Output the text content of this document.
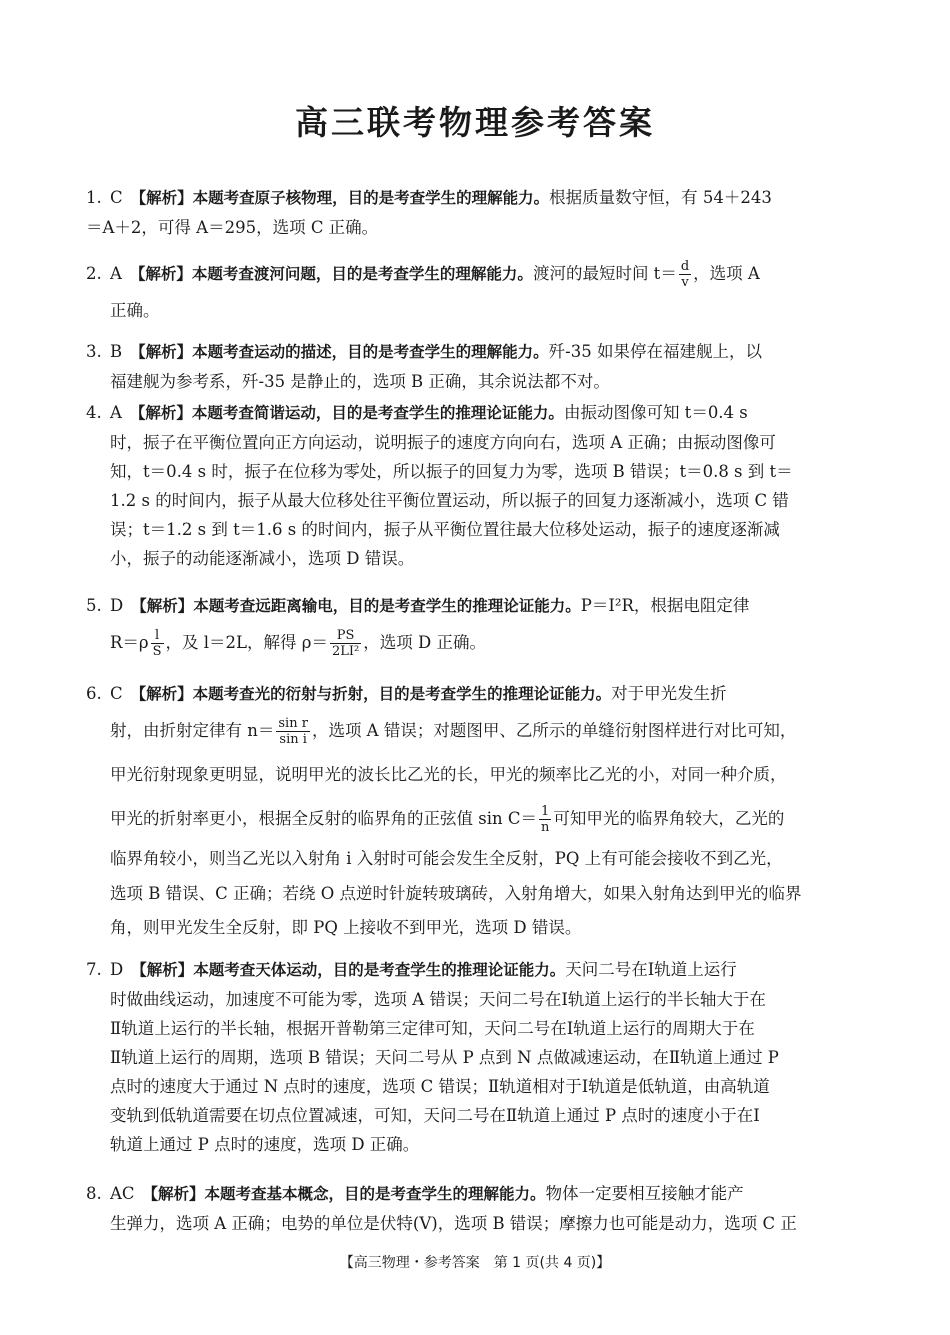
高三联考物理参考答案
1. C 【解析】本题考查原子核物理，目的是考查学生的理解能力。根据质量数守恒，有 54＋243
＝A＋2，可得 A＝295，选项 C 正确。
2. A 【解析】本题考查渡河问题，目的是考查学生的理解能力。渡河的最短时间 $t= \frac{d}{v}$ ，选项 A
正确。
3. B 【解析】本题考查运动的描述，目的是考查学生的理解能力。歼-35 如果停在福建舰上，以
福建舰为参考系，歼-35 是静止的，选项 B 正确，其余说法都不对。
4. A 【解析】本题考查简谐运动，目的是考查学生的推理论证能力。由振动图像可知 t＝0.4 s
时，振子在平衡位置向正方向运动，说明振子的速度方向向右，选项 A 正确；由振动图像可
知，t＝0.4 s 时，振子在位移为零处，所以振子的回复力为零，选项 B 错误；t＝0.8 s 到 t＝
1.2 s 的时间内，振子从最大位移处往平衡位置运动，所以振子的回复力逐渐减小，选项 C 错
误；t＝1.2 s 到 t＝1.6 s 的时间内，振子从平衡位置往最大位移处运动，振子的速度逐渐减
小，振子的动能逐渐减小，选项 D 错误。
5. D 【解析】本题考查远距离输电，目的是考查学生的推理论证能力。P＝I²R，根据电阻定律
$R=\rho \frac{l}{S}$ ，及 l＝2L，解得 $\rho= \frac{PS}{\text{2LI²}}$ ，选项 D 正确。
6. C 【解析】本题考查光的衍射与折射，目的是考查学生的推理论证能力。对于甲光发生折
射，由折射定律有 $n= \frac{\text{sin r}}{\text{sin i}}$ ，选项 A 错误；对题图甲、乙所示的单缝衍射图样进行对比可知，
甲光衍射现象更明显，说明甲光的波长比乙光的长，甲光的频率比乙光的小，对同一种介质，
甲光的折射率更小，根据全反射的临界角的正弦值 $\sin C= \frac{1}{n}$ 可知甲光的临界角较大，乙光的
临界角较小，则当乙光以入射角 i 入射时可能会发生全反射，PQ 上有可能会接收不到乙光，
选项 B 错误、C 正确；若绕 O 点逆时针旋转玻璃砖，入射角增大，如果入射角达到甲光的临界
角，则甲光发生全反射，即 PQ 上接收不到甲光，选项 D 错误。
7. D 【解析】本题考查天体运动，目的是考查学生的推理论证能力。天问二号在Ⅰ轨道上运行
时做曲线运动，加速度不可能为零，选项 A 错误；天问二号在Ⅰ轨道上运行的半长轴大于在
Ⅱ轨道上运行的半长轴，根据开普勒第三定律可知，天问二号在Ⅰ轨道上运行的周期大于在
Ⅱ轨道上运行的周期，选项 B 错误；天问二号从 P 点到 N 点做减速运动，在Ⅱ轨道上通过 P
点时的速度大于通过 N 点时的速度，选项 C 错误；Ⅱ轨道相对于Ⅰ轨道是低轨道，由高轨道
变轨到低轨道需要在切点位置减速，可知，天问二号在Ⅱ轨道上通过 P 点时的速度小于在Ⅰ
轨道上通过 P 点时的速度，选项 D 正确。
8. AC 【解析】本题考查基本概念，目的是考查学生的理解能力。物体一定要相互接触才能产
生弹力，选项 A 正确；电势的单位是伏特(V)，选项 B 错误；摩擦力也可能是动力，选项 C 正
【高三物理・参考答案　第 1 页(共 4 页)】
